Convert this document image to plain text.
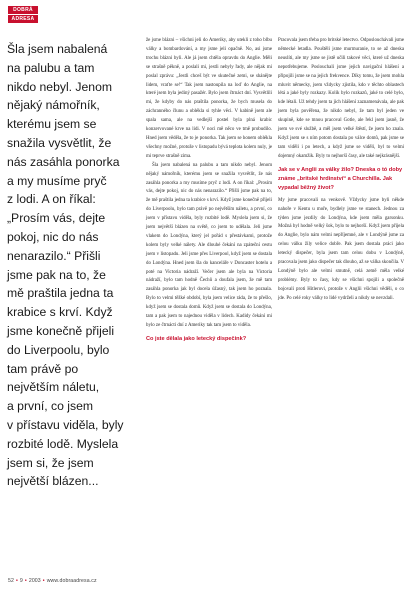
DOBRÁ
ADRESA

Šla jsem nabalená

na palubu a tam

nikdo nebyl. Jenom

nějaký námořník,

kterému jsem se

snažila vysvětlit, že

nás zasáhla ponorka

a my musíme pryč

z lodi. A on říkal:

„Prosím vás, dejte

pokoj, nic do nás

nenarazilo.“ Přišli

jsme pak na to, že

mě praštila jedna ta

krabice s krví. Když

jsme konečně přijeli

do Liverpoolu, bylo

tam právě po

největším náletu,

a první, co jsem

v přístavu viděla, byly

rozbité lodě. Myslela

jsem si, že jsem

největší blázen...

že jsme blázni – všichni jeli do Ameriky, aby utekli z toho blbu války a bombardování, a my jsme jeli opačně. No, asi jsme trochu blázni byli. Ale já jsem chtěla opravdu do Anglie. Měli se strašně pěkně, a poslali mi, jestli nebyly řady, ale nějak mi poslal zprávu: „Jestli chceš být ve skutečné zemi, se shánějte lidem, vraťte se!“ Tak jsem nastoupila na loď do Anglie, na které jsem byla jediný pasažér. Bylo jsem čtrnáct dní. Vysvětlili mi, že kdyby do nás praštila ponorka, že bych musela do záchranného člunu a oblékla si tyhle věci. V kabině jsem ale spala sama, ale na vedlejší postel byla plná krabic konzervované krve na lidi. V noci mě něco ve tmě probudilo. Hned jsem věděla, že to je ponorka. Tak jsem se honem oblékla všechny možné, protože v listopadu bývá teplota kolem nuly, je mi teprve strašně zima.

Šla jsem nabalená na palubu a tam nikdo nebyl. Jenom nějaký námořník, kterému jsem se snažila vysvětlit, že nás zasáhla ponorka a my musíme pryč z lodi. A on říkal: „Prosím vás, dejte pokoj, nic do nás nenarazilo.“ Přišli jsme pak na to, že mě praštila jedna ta krabice s krví. Když jsme konečně přijeli do Liverpoolu, bylo tam právě po největším náletu, a první, co jsem v přístavu viděla, byly rozbité lodě. Myslela jsem si, že jsem největší blázen na světě, co jsem to udělala. Jeli jsme vlakem do Londýna, který jel pořád s přestávkami, protože kolem byly velké nálety. Ale dlouhé čekání na zpáteční cestu jsem v listopadu. Jeli jsme přes Liverpool, když jsem se dostala do Londýna. Hned jsem šla do kanceláře v Doncaster hotelu a poté na Victoria nádraží. Večer jsem ale byla na Victoria nádraží, bylo tam hodně Čechů a doufala jsem, že mě tam zasáhla ponorka jak byl docela úžasný, tak jsem ho poznala. Bylo to velmi těžké období, byla jsem velice ráda, že to přešlo, když jsem se dostala domů. Když jsem se dostala do Londýna, tam a pak jsem to najednou viděla v lidech. Kadidy čekání mi bylo ze čtrnácti dní z Ameriky tak tam jsem to viděla.

Co jste dělala jako letecký dispečink?

Pracovala jsem třeba pro britské letectvo. Odposlouchávali jsme německé letadla. Pouštěli jsme murmuranie, to se až dneska neuslíti, ale my jsme se jistě učili takové věci, které už dneska nepotřebujeme. Poslouchali jsme jejich navigační hlášení a připojili jsme se na jejich frekvence. Díky tomu, že jsem mohla mluvit německy, jsem vždycky zjistila, kdo v těchto oblastech létá a jaké byly rozkazy. Kolik bylo rozkazů, jaké to celé bylo, kde létali. Už tehdy jsem ta jich hlášení zaznamenávala, ale pak jsem byla pověřena, že nikdo nebyl, že tam byl jeden ve skupině, kde se mnou pracoval Gotle, ale řekl jsem jasně, že jsem ve své službě, a měl jsem velké štěstí, že jsem ho znala. Když jsem se s ním potom dostala po válce domů, pak jsme se tam viděli i po letech, a když jsme se viděli, byl to velmi dojemný okamžik. Byly to nejhorší časy, ale také nejkrásnější.

Jak se v Anglii za války žilo? Dneska o tó doby známe „britské hrdinství“ a Churchilla. Jak vypadal běžný život?

My jsme pracovali na venkově. Vždycky jsme byli někde nahoře v Kentu u moře, bydlely jsme ve stanech. Jednou za týden jsme jezdily do Londýna, kde jsem měla garsonku. Možná byl hodně velký šok, bylo to nejhorší. Když jsem přijela do Anglie, bylo nám velmi nepříjemné, ale v Londýně jsme za celou válku žily velice dobře. Pak jsem dostala práci jako letecký dispečer, byla jsem tam celou dobu v Londýně, pracovala jsem jako dispečer tak dlouho, až se válka skončila. V Londýně bylo ale velmi smutně, celá země měla velké problémy. Byly to časy, kdy se všichni spojili a společně bojovali proti Hitlerovi, protože v Anglii všichni věděli, o co jde. Po celé roky války to lidé vydrželi a nikdy se nevzdali.

52 • 9 • 2003 • www.dobraadresa.cz
